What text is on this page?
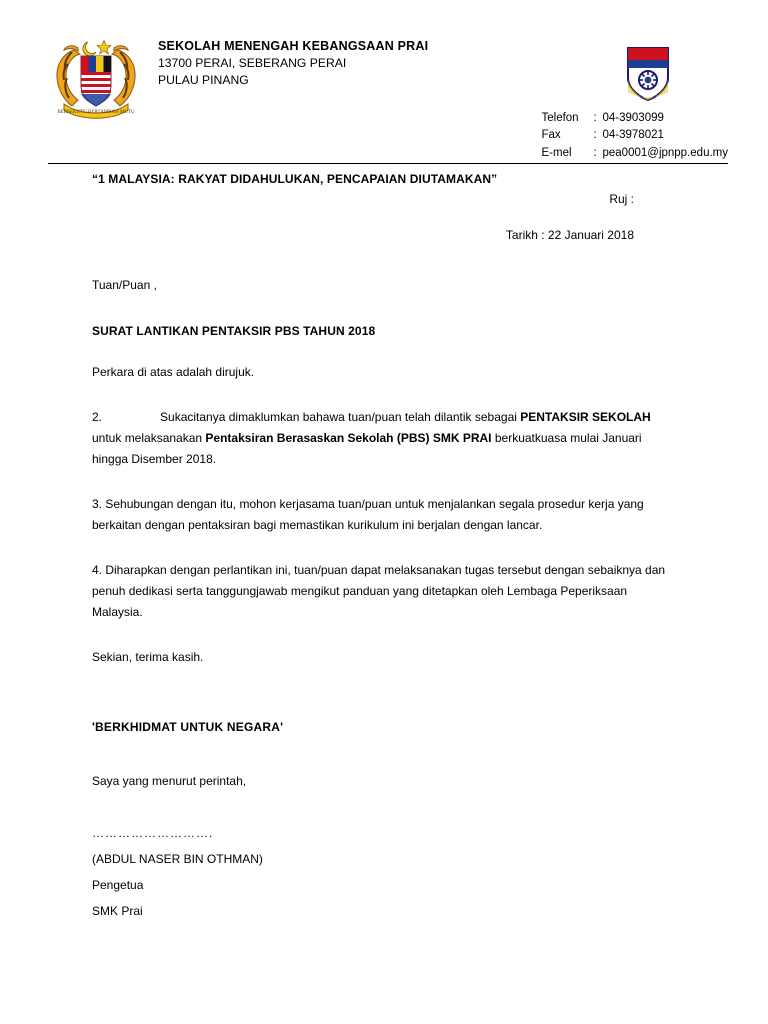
BERSEKUTU BERTAMBAH MUTU
SEKOLAH MENENGAH KEBANGSAAN PRAI
13700 PERAI, SEBERANG PERAI
PULAU PINANG
Telefon	: 04-3903099
Fax	: 04-3978021
E-mel	: pea0001@jpnpp.edu.my
“1 MALAYSIA: RAKYAT DIDAHULUKAN, PENCAPAIAN DIUTAMAKAN”
Ruj :
Tarikh : 22 Januari 2018
Tuan/Puan ,
SURAT LANTIKAN PENTAKSIR PBS TAHUN 2018

Perkara di atas adalah dirujuk.

2.	Sukacitanya dimaklumkan bahawa tuan/puan telah dilantik sebagai PENTAKSIR SEKOLAH untuk melaksanakan Pentaksiran Berasaskan Sekolah (PBS) SMK PRAI berkuatkuasa mulai Januari hingga Disember 2018.

3. Sehubungan dengan itu, mohon kerjasama tuan/puan untuk menjalankan segala prosedur kerja yang berkaitan dengan pentaksiran bagi memastikan kurikulum ini berjalan dengan lancar.

4. Diharapkan dengan perlantikan ini, tuan/puan dapat melaksanakan tugas tersebut dengan sebaiknya dan penuh dedikasi serta tanggungjawab mengikut panduan yang ditetapkan oleh Lembaga Peperiksaan Malaysia.

Sekian, terima kasih.

'BERKHIDMAT UNTUK NEGARA'
Saya yang menurut perintah,
……………………….
(ABDUL NASER BIN OTHMAN)
Pengetua
SMK Prai
